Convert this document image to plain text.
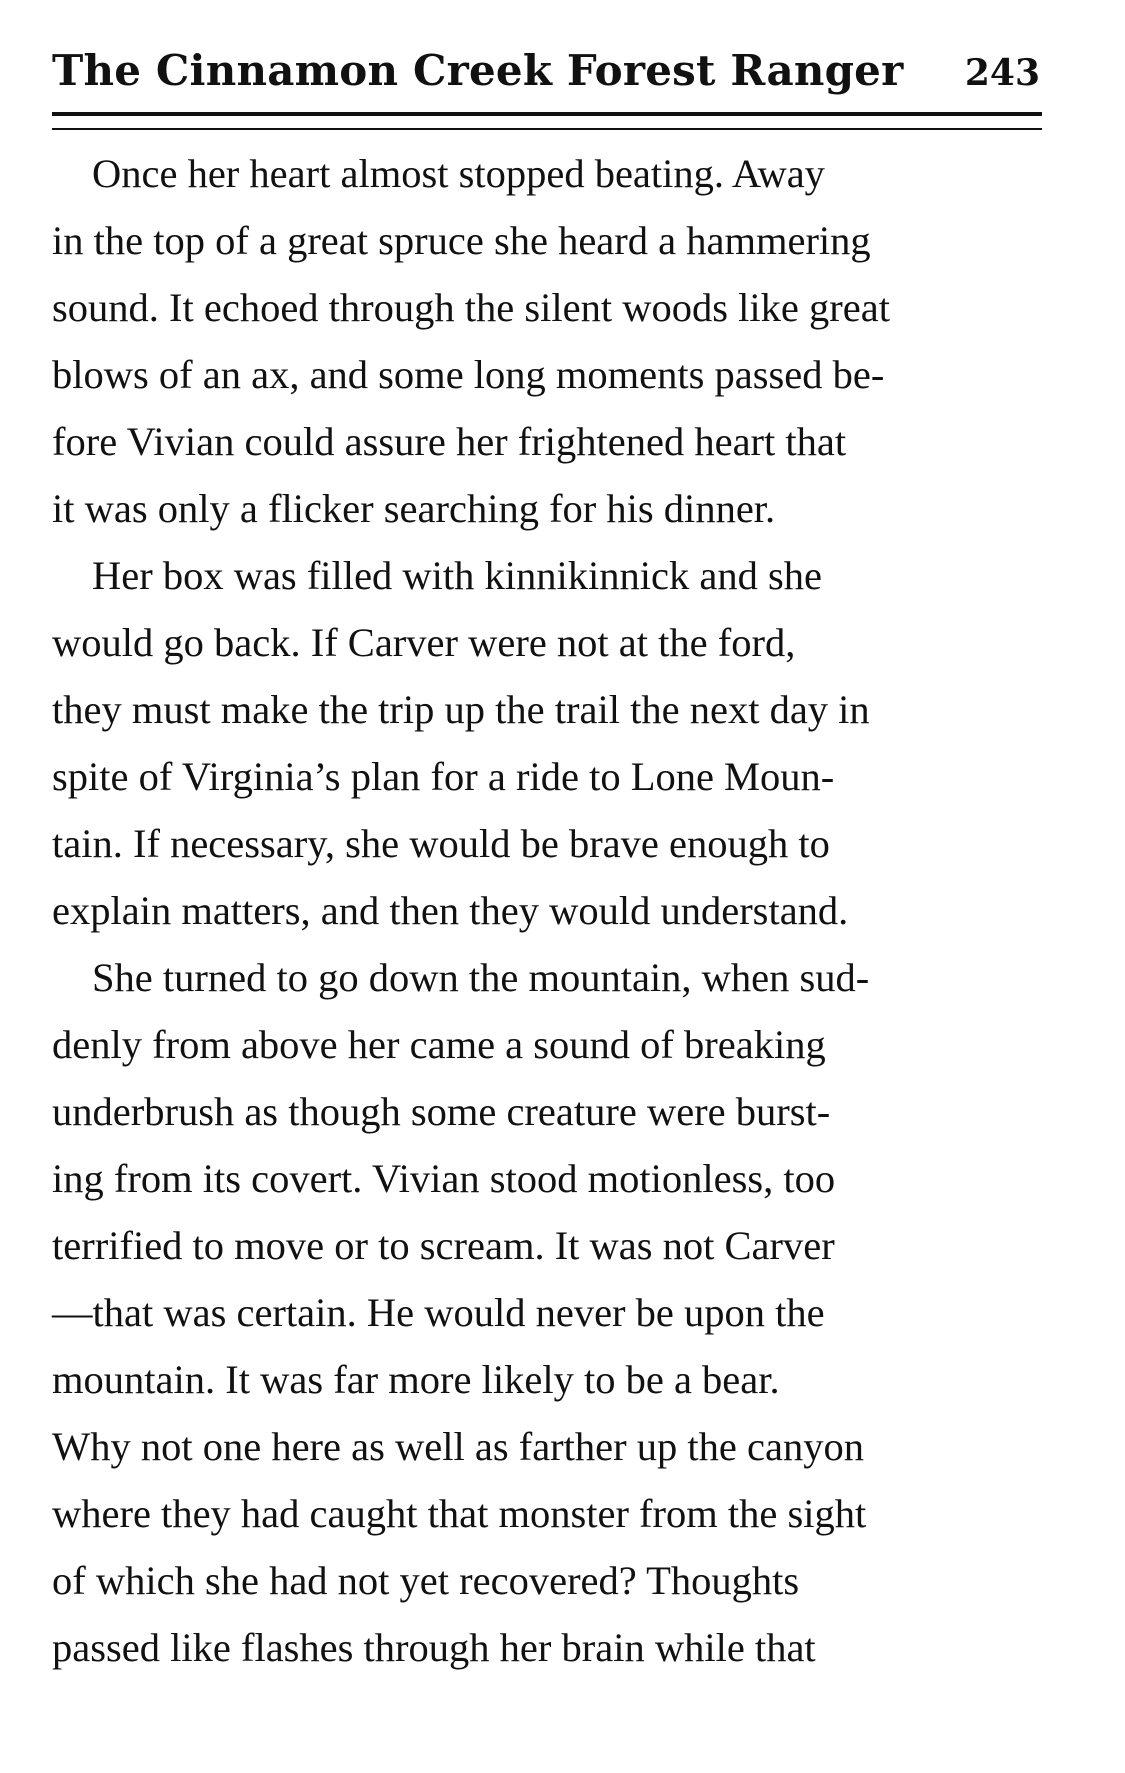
The Cinnamon Creek Forest Ranger 243
Once her heart almost stopped beating. Away
in the top of a great spruce she heard a hammering
sound. It echoed through the silent woods like great
blows of an ax, and some long moments passed be-
fore Vivian could assure her frightened heart that
it was only a flicker searching for his dinner.
Her box was filled with kinnikinnick and she
would go back. If Carver were not at the ford,
they must make the trip up the trail the next day in
spite of Virginia’s plan for a ride to Lone Moun-
tain. If necessary, she would be brave enough to
explain matters, and then they would understand.
She turned to go down the mountain, when sud-
denly from above her came a sound of breaking
underbrush as though some creature were burst-
ing from its covert. Vivian stood motionless, too
terrified to move or to scream. It was not Carver
—that was certain. He would never be upon the
mountain. It was far more likely to be a bear.
Why not one here as well as farther up the canyon
where they had caught that monster from the sight
of which she had not yet recovered? Thoughts
passed like flashes through her brain while that
